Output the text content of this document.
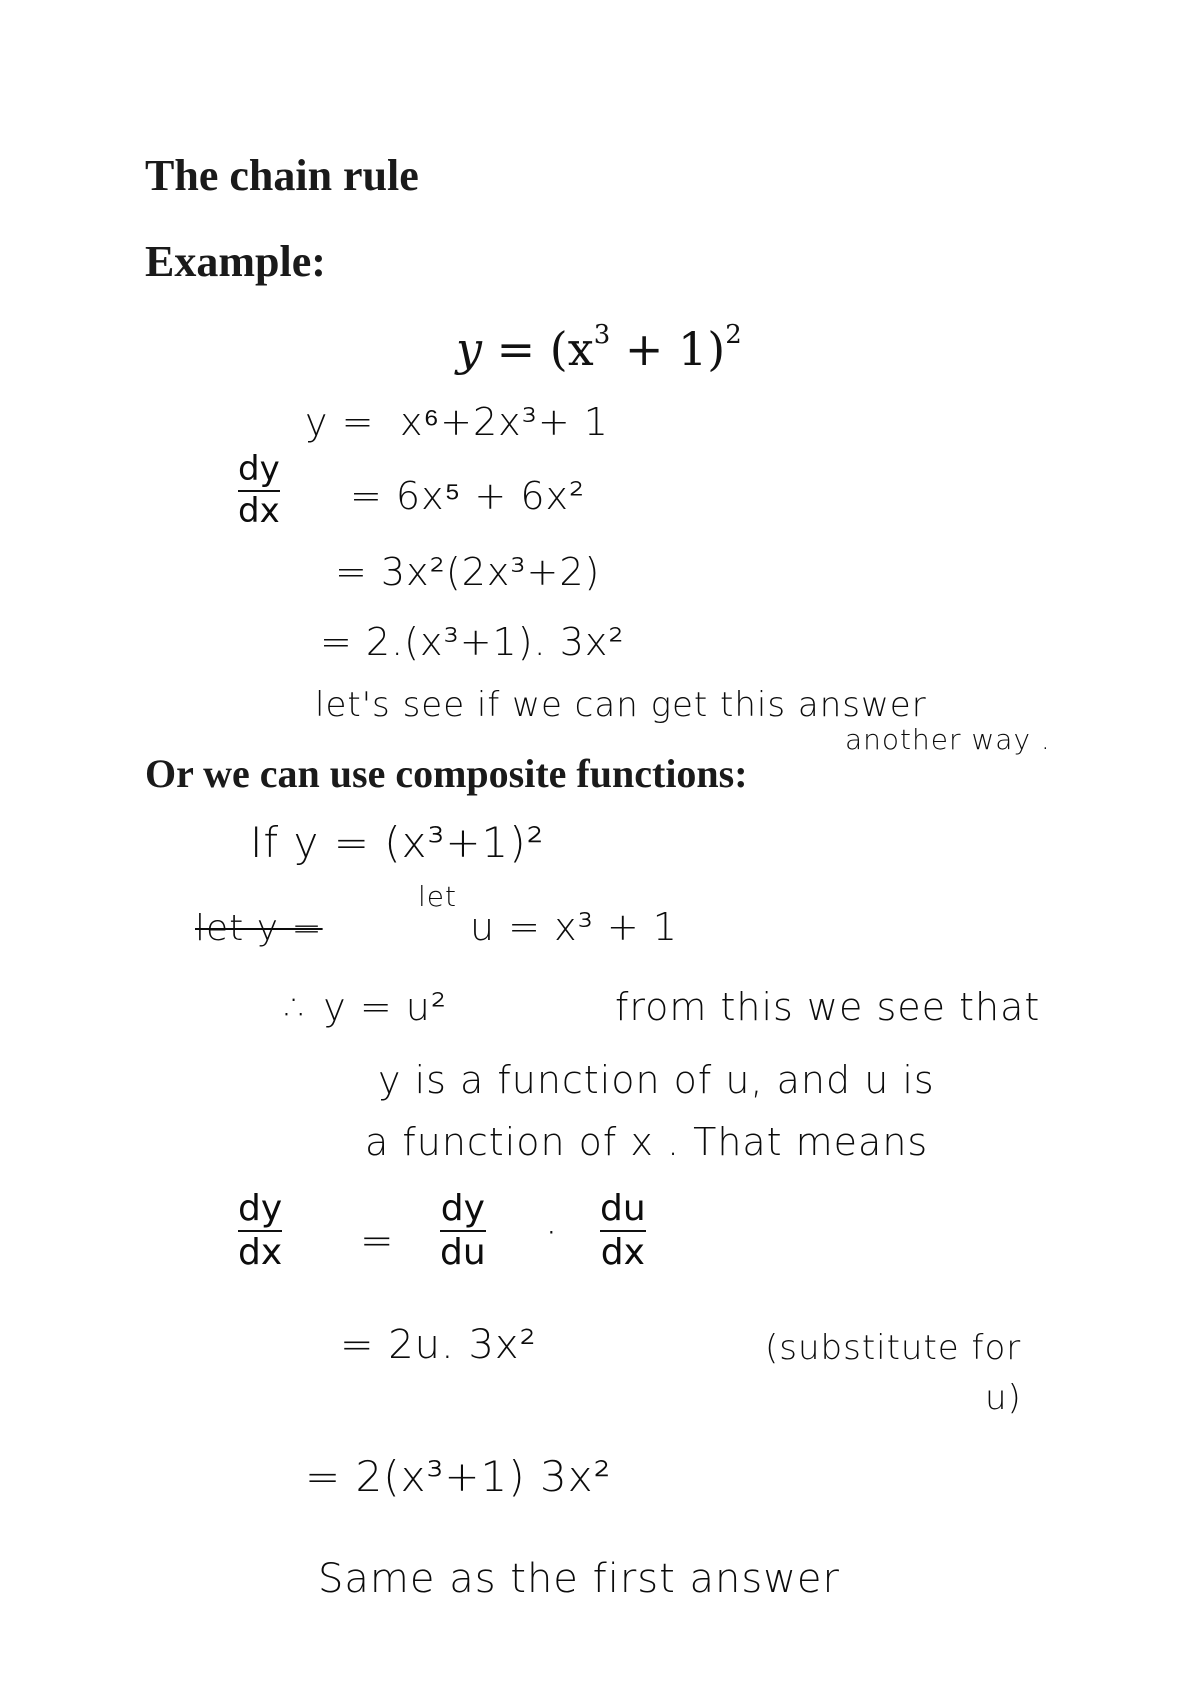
The chain rule
Example:
$y = (x^3 + 1)^2$
y = x⁶+2x³+ 1
dy
dx = 6x⁵ + 6x²
= 3x²(2x³+2)
= 2.(x³+1). 3x²
let's see if we can get this answer
another way .
Or we can use composite functions:
If y = (x³+1)²
let
let y =	u = x³ + 1
∴ y = u²	from this we see that
y is a function of u, and u is
a function of x . That means
dy
dx =
dy
du ·
du
dx
= 2u. 3x²	(substitute for
u)
= 2(x³+1) 3x²
Same as the first answer
